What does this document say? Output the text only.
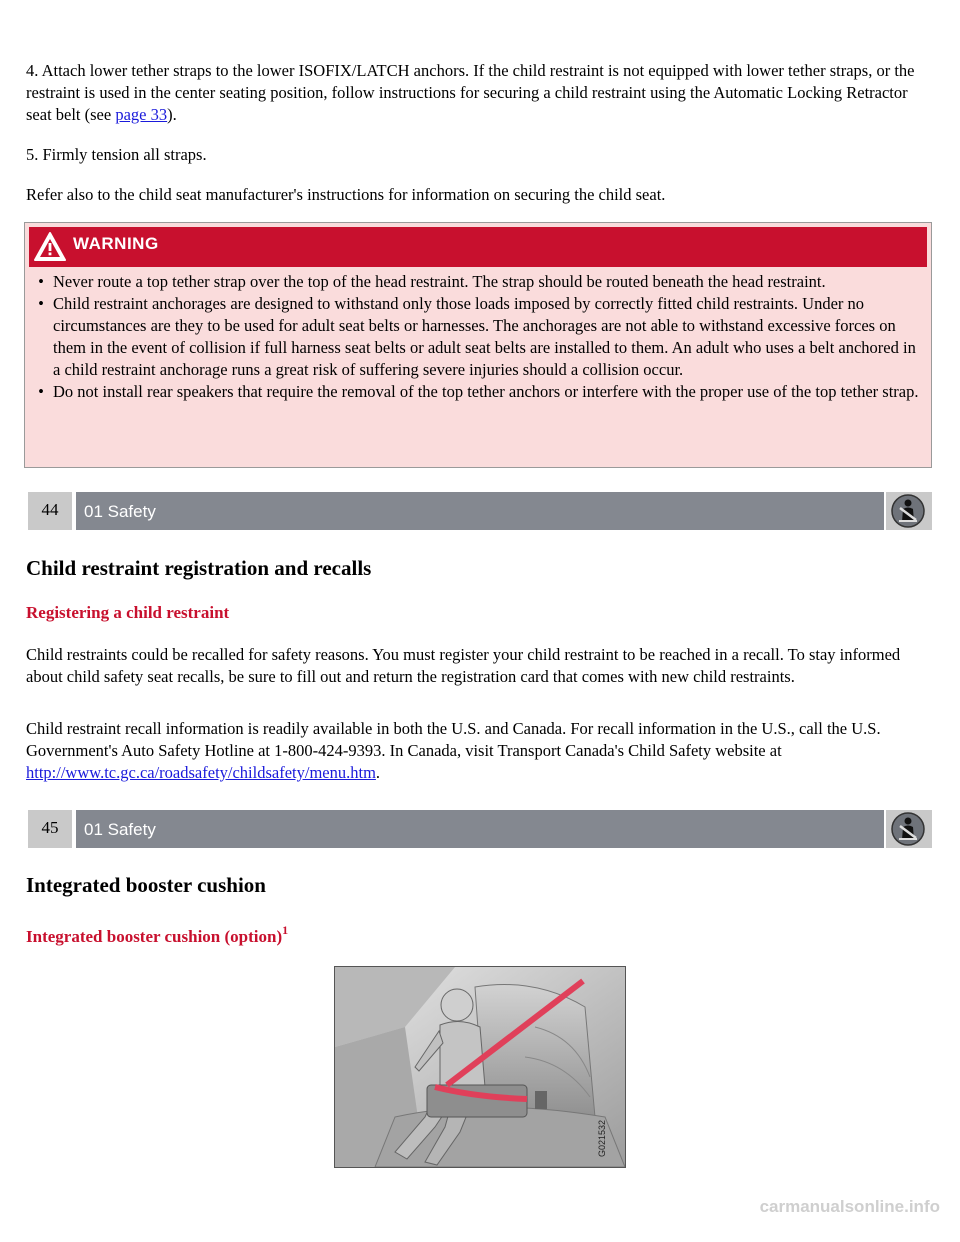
4. Attach lower tether straps to the lower ISOFIX/LATCH anchors. If the child restraint is not equipped with lower tether straps, or the restraint is used in the center seating position, follow instructions for securing a child restraint using the Automatic Locking Retractor seat belt (see page 33).

5. Firmly tension all straps.

Refer also to the child seat manufacturer's instructions for information on securing the child seat.

WARNING
• Never route a top tether strap over the top of the head restraint. The strap should be routed beneath the head restraint.
• Child restraint anchorages are designed to withstand only those loads imposed by correctly fitted child restraints. Under no circumstances are they to be used for adult seat belts or harnesses. The anchorages are not able to withstand excessive forces on them in the event of collision if full harness seat belts or adult seat belts are installed to them. An adult who uses a belt anchored in a child restraint anchorage runs a great risk of suffering severe injuries should a collision occur.
• Do not install rear speakers that require the removal of the top tether anchors or interfere with the proper use of the top tether strap.
44	01 Safety
Child restraint registration and recalls
Registering a child restraint

Child restraints could be recalled for safety reasons. You must register your child restraint to be reached in a recall. To stay informed about child safety seat recalls, be sure to fill out and return the registration card that comes with new child restraints.

Child restraint recall information is readily available in both the U.S. and Canada. For recall information in the U.S., call the U.S. Government's Auto Safety Hotline at 1-800-424-9393. In Canada, visit Transport Canada's Child Safety website at http://www.tc.gc.ca/roadsafety/childsafety/menu.htm.

45	01 Safety
Integrated booster cushion
Integrated booster cushion (option)$^1$
G021532
carmanualsonline.info
